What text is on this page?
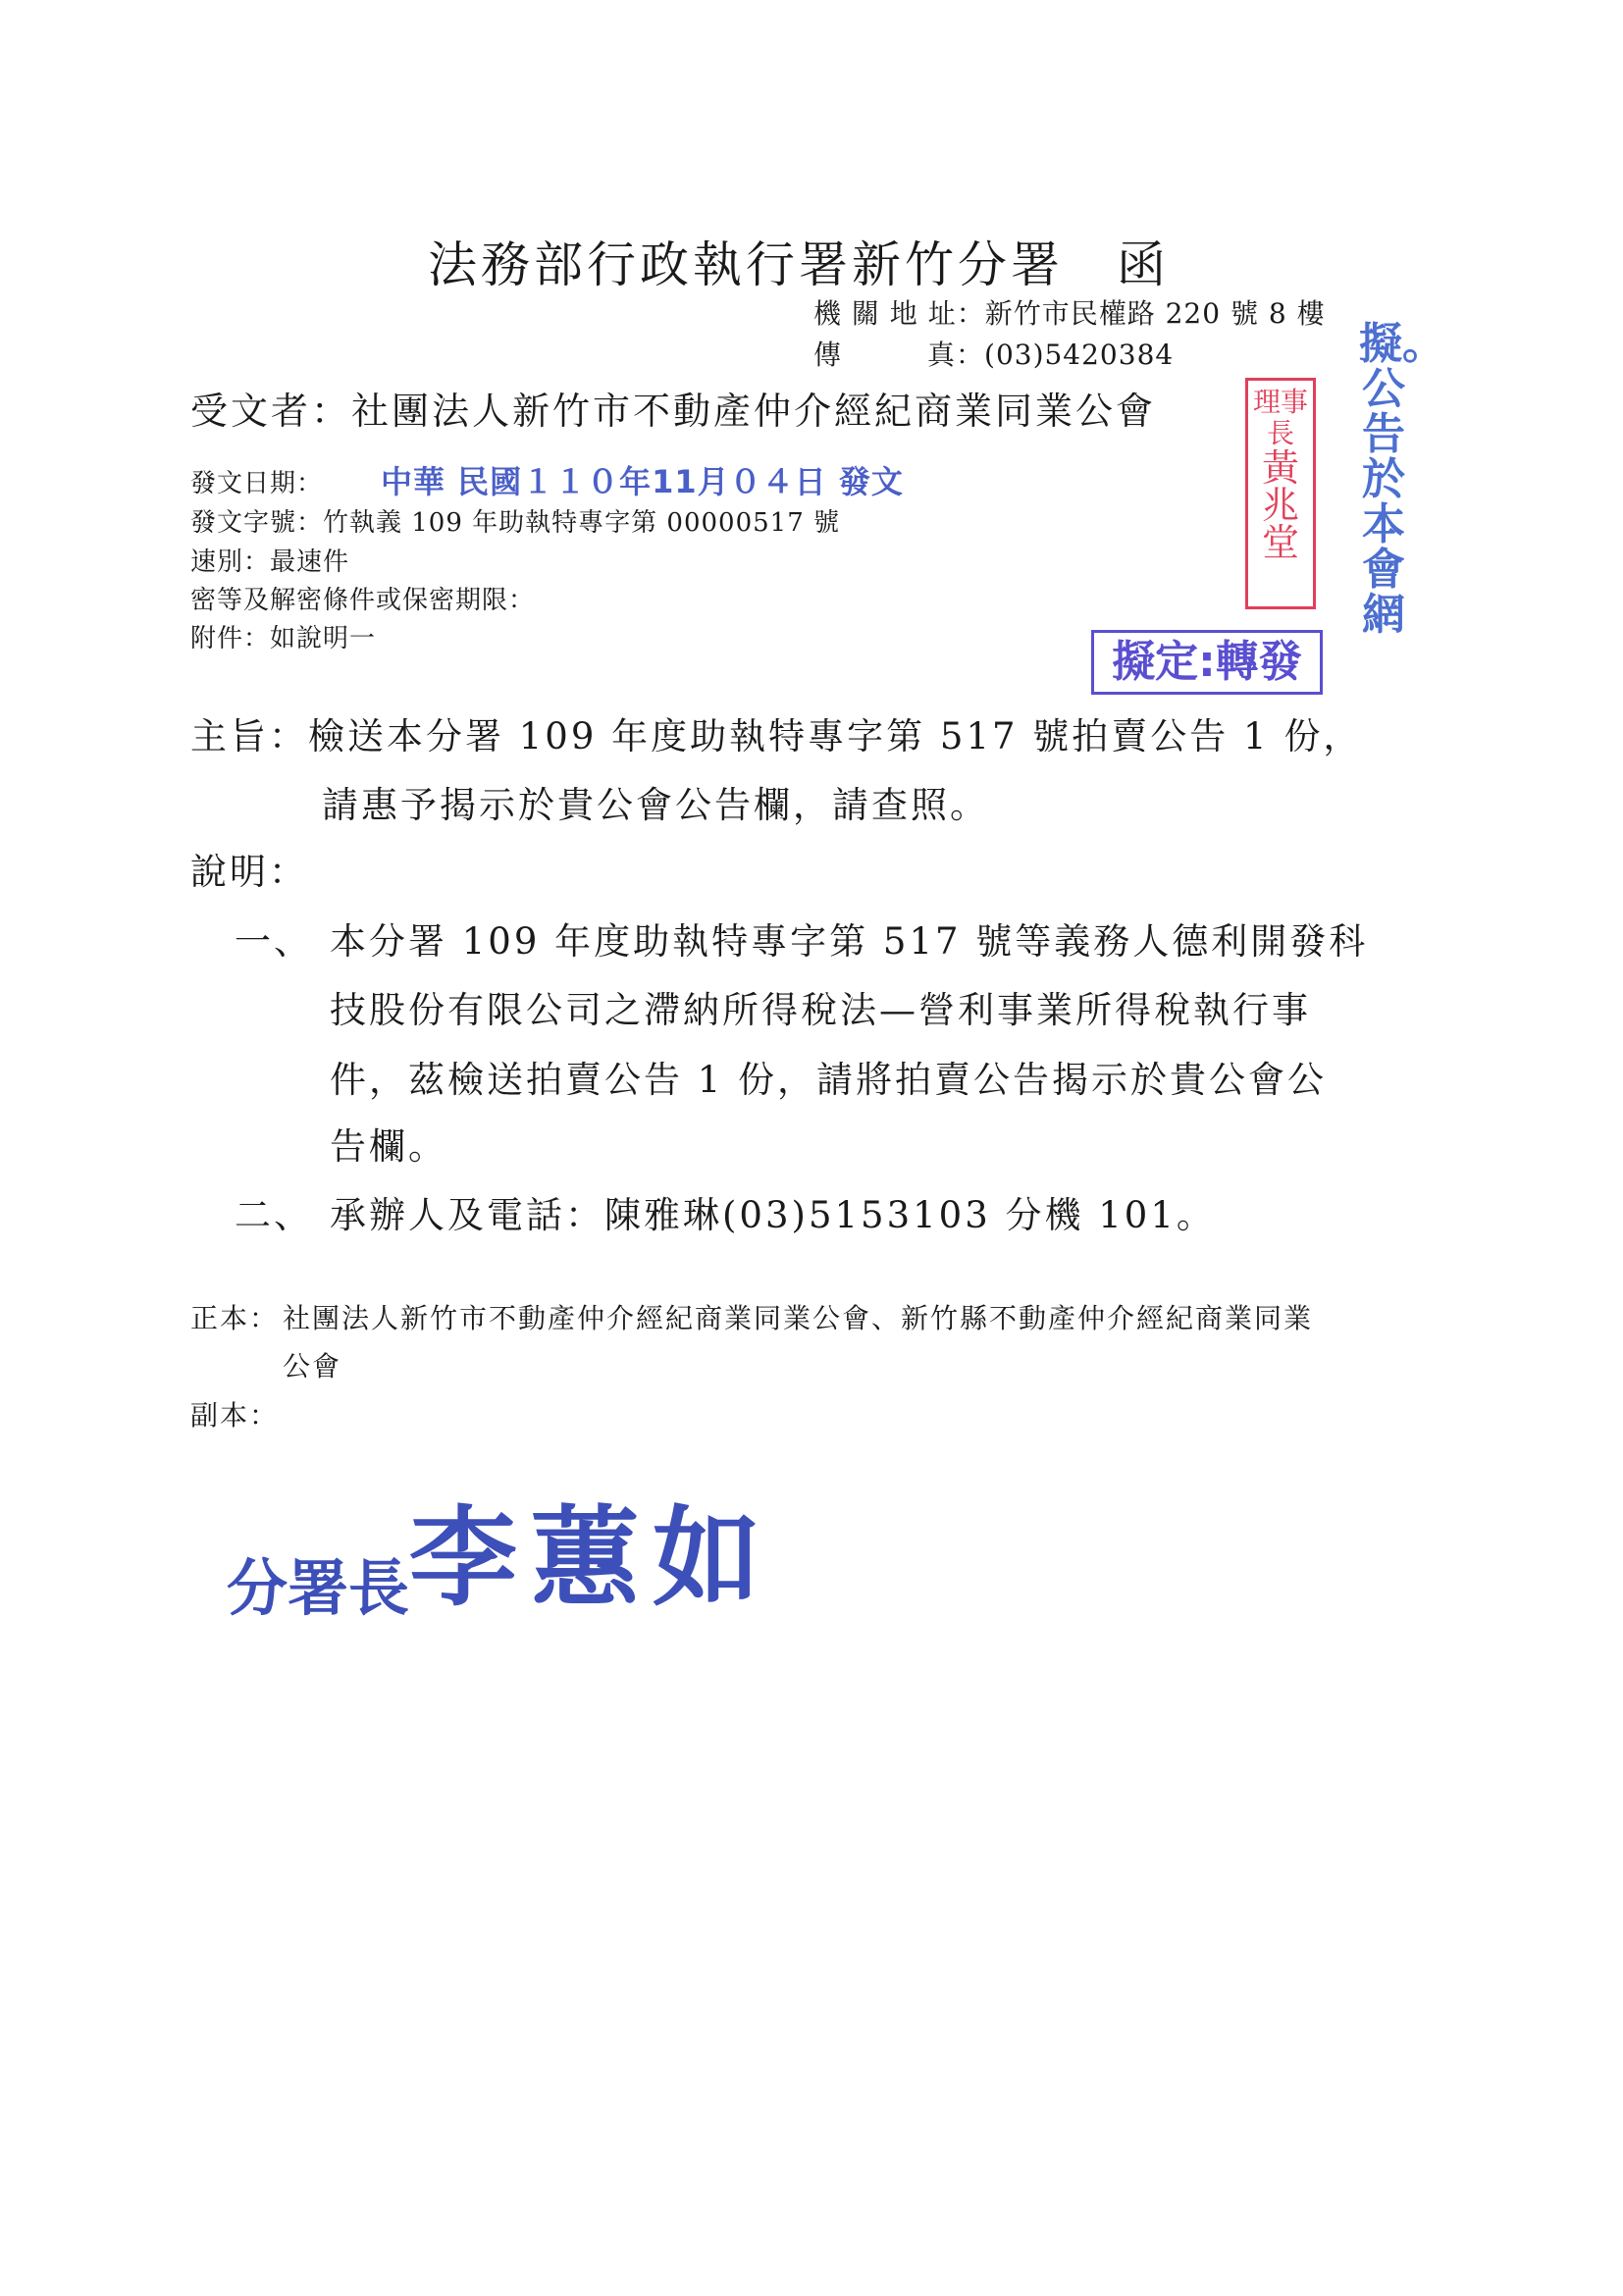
法務部行政執行署新竹分署　函
機 關 地 址：新竹市民權路 220 號 8 樓
傳　　　真：(03)5420384
受文者：社團法人新竹市不動產仲介經紀商業同業公會
發文日期： 中華 民國１１０年11月０４日 發文
發文字號：竹執義 109 年助執特專字第 00000517 號
速別：最速件
密等及解密條件或保密期限：
附件：如說明一
主旨：檢送本分署 109 年度助執特專字第 517 號拍賣公告 1 份，
請惠予揭示於貴公會公告欄，請查照。
說明：
一、 本分署 109 年度助執特專字第 517 號等義務人德利開發科
技股份有限公司之滯納所得稅法—營利事業所得稅執行事
件，茲檢送拍賣公告 1 份，請將拍賣公告揭示於貴公會公
告欄。
二、 承辦人及電話：陳雅琳(03)5153103 分機 101。
正本： 社團法人新竹市不動產仲介經紀商業同業公會、新竹縣不動產仲介經紀商業同業
公會
副本：
擬。公告於本會網
理事長
黃兆堂
擬定:轉發
分署長李蕙如
